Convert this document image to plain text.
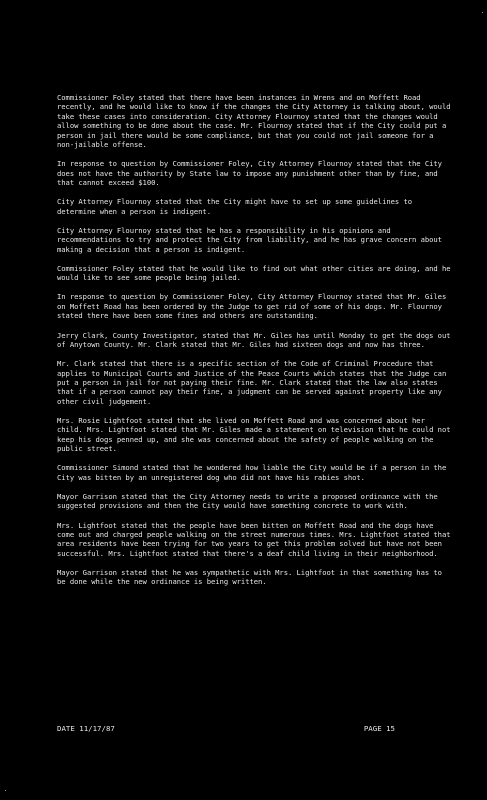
Commissioner Foley stated that there have been instances in Wrens and on Moffett Road recently, and he would like to know if the changes the City Attorney is talking about, would take these cases into consideration. City Attorney Flournoy stated that the changes would allow something to be done about the case. Mr. Flournoy stated that if the City could put a person in jail there would be some compliance, but that you could not jail someone for a non-jailable offense.

In response to question by Commissioner Foley, City Attorney Flournoy stated that the City does not have the authority by State law to impose any punishment other than by fine, and that cannot exceed $100.

City Attorney Flournoy stated that the City might have to set up some guidelines to determine when a person is indigent.

City Attorney Flournoy stated that he has a responsibility in his opinions and recommendations to try and protect the City from liability, and he has grave concern about making a decision that a person is indigent.

Commissioner Foley stated that he would like to find out what other cities are doing, and he would like to see some people being jailed.

In response to question by Commissioner Foley, City Attorney Flournoy stated that Mr. Giles on Moffett Road has been ordered by the Judge to get rid of some of his dogs. Mr. Flournoy stated there have been some fines and others are outstanding.

Jerry Clark, County Investigator, stated that Mr. Giles has until Monday to get the dogs out of Anytown County. Mr. Clark stated that Mr. Giles had sixteen dogs and now has three.

Mr. Clark stated that there is a specific section of the Code of Criminal Procedure that applies to Municipal Courts and Justice of the Peace Courts which states that the Judge can put a person in jail for not paying their fine. Mr. Clark stated that the law also states that if a person cannot pay their fine, a judgment can be served against property like any other civil judgement.

Mrs. Rosie Lightfoot stated that she lived on Moffett Road and was concerned about her child. Mrs. Lightfoot stated that Mr. Giles made a statement on television that he could not keep his dogs penned up, and she was concerned about the safety of people walking on the public street.

Commissioner Simond stated that he wondered how liable the City would be if a person in the City was bitten by an unregistered dog who did not have his rabies shot.

Mayor Garrison stated that the City Attorney needs to write a proposed ordinance with the suggested provisions and then the City would have something concrete to work with.

Mrs. Lightfoot stated that the people have been bitten on Moffett Road and the dogs have come out and charged people walking on the street numerous times. Mrs. Lightfoot stated that area residents have been trying for two years to get this problem solved but have not been successful. Mrs. Lightfoot stated that there's a deaf child living in their neighborhood.

Mayor Garrison stated that he was sympathetic with Mrs. Lightfoot in that something has to be done while the new ordinance is being written.

DATE 11/17/87	PAGE 15
